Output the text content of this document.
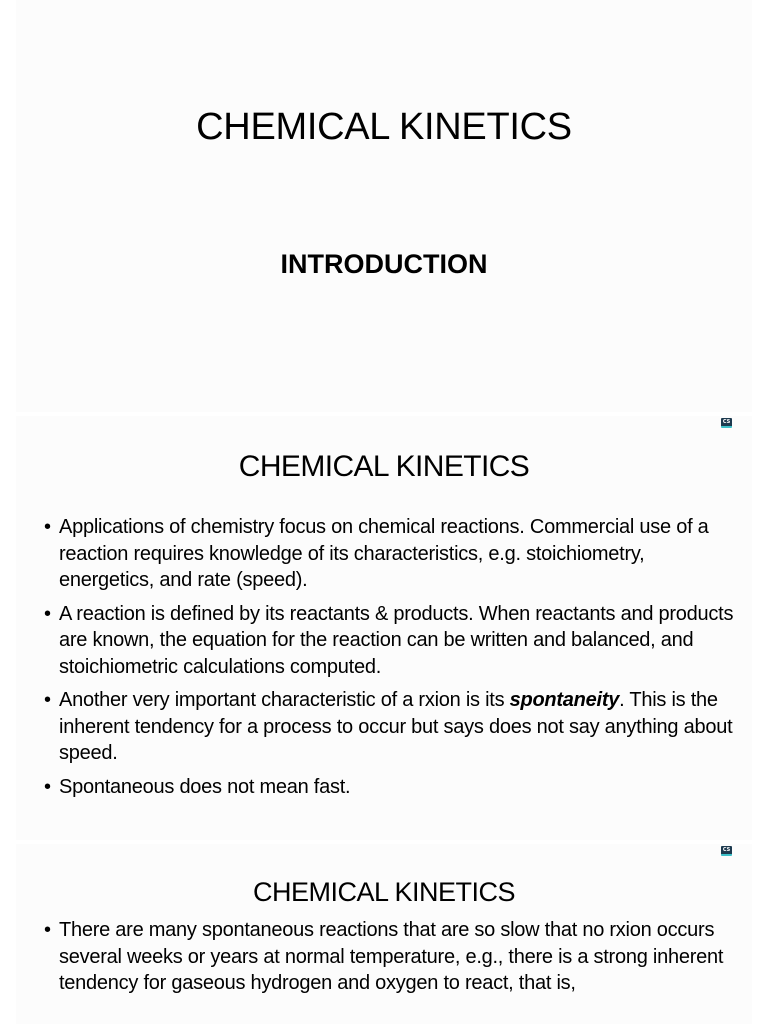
CHEMICAL KINETICS
INTRODUCTION
CS
CHEMICAL KINETICS
• Applications of chemistry focus on chemical reactions. Commercial use of a reaction requires knowledge of its characteristics, e.g. stoichiometry, energetics, and rate (speed).
• A reaction is defined by its reactants & products. When reactants and products are known, the equation for the reaction can be written and balanced, and stoichiometric calculations computed.
• Another very important characteristic of a rxion is its spontaneity. This is the inherent tendency for a process to occur but says does not say anything about speed.
• Spontaneous does not mean fast.
CS
CHEMICAL KINETICS
• There are many spontaneous reactions that are so slow that no rxion occurs several weeks or years at normal temperature, e.g., there is a strong inherent tendency for gaseous hydrogen and oxygen to react, that is,
